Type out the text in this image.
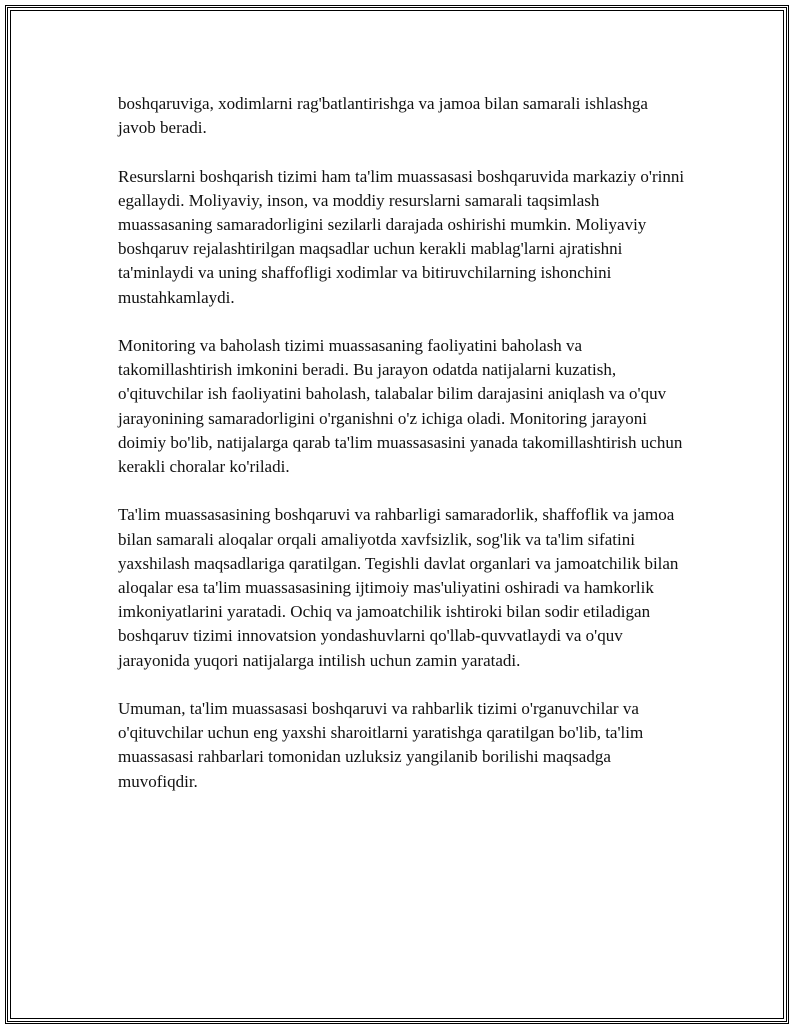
boshqaruviga, xodimlarni rag'batlantirishga va jamoa bilan samarali ishlashga javob beradi.

Resurslarni boshqarish tizimi ham ta'lim muassasasi boshqaruvida markaziy o'rinni egallaydi. Moliyaviy, inson, va moddiy resurslarni samarali taqsimlash muassasaning samaradorligini sezilarli darajada oshirishi mumkin. Moliyaviy boshqaruv rejalashtirilgan maqsadlar uchun kerakli mablag'larni ajratishni ta'minlaydi va uning shaffofligi xodimlar va bitiruvchilarning ishonchini mustahkamlaydi.

Monitoring va baholash tizimi muassasaning faoliyatini baholash va takomillashtirish imkonini beradi. Bu jarayon odatda natijalarni kuzatish, o'qituvchilar ish faoliyatini baholash, talabalar bilim darajasini aniqlash va o'quv jarayonining samaradorligini o'rganishni o'z ichiga oladi. Monitoring jarayoni doimiy bo'lib, natijalarga qarab ta'lim muassasasini yanada takomillashtirish uchun kerakli choralar ko'riladi.

Ta'lim muassasasining boshqaruvi va rahbarligi samaradorlik, shaffoflik va jamoa bilan samarali aloqalar orqali amaliyotda xavfsizlik, sog'lik va ta'lim sifatini yaxshilash maqsadlariga qaratilgan. Tegishli davlat organlari va jamoatchilik bilan aloqalar esa ta'lim muassasasining ijtimoiy mas'uliyatini oshiradi va hamkorlik imkoniyatlarini yaratadi. Ochiq va jamoatchilik ishtiroki bilan sodir etiladigan boshqaruv tizimi innovatsion yondashuvlarni qo'llab-quvvatlaydi va o'quv jarayonida yuqori natijalarga intilish uchun zamin yaratadi.

Umuman, ta'lim muassasasi boshqaruvi va rahbarlik tizimi o'rganuvchilar va o'qituvchilar uchun eng yaxshi sharoitlarni yaratishga qaratilgan bo'lib, ta'lim muassasasi rahbarlari tomonidan uzluksiz yangilanib borilishi maqsadga muvofiqdir.
